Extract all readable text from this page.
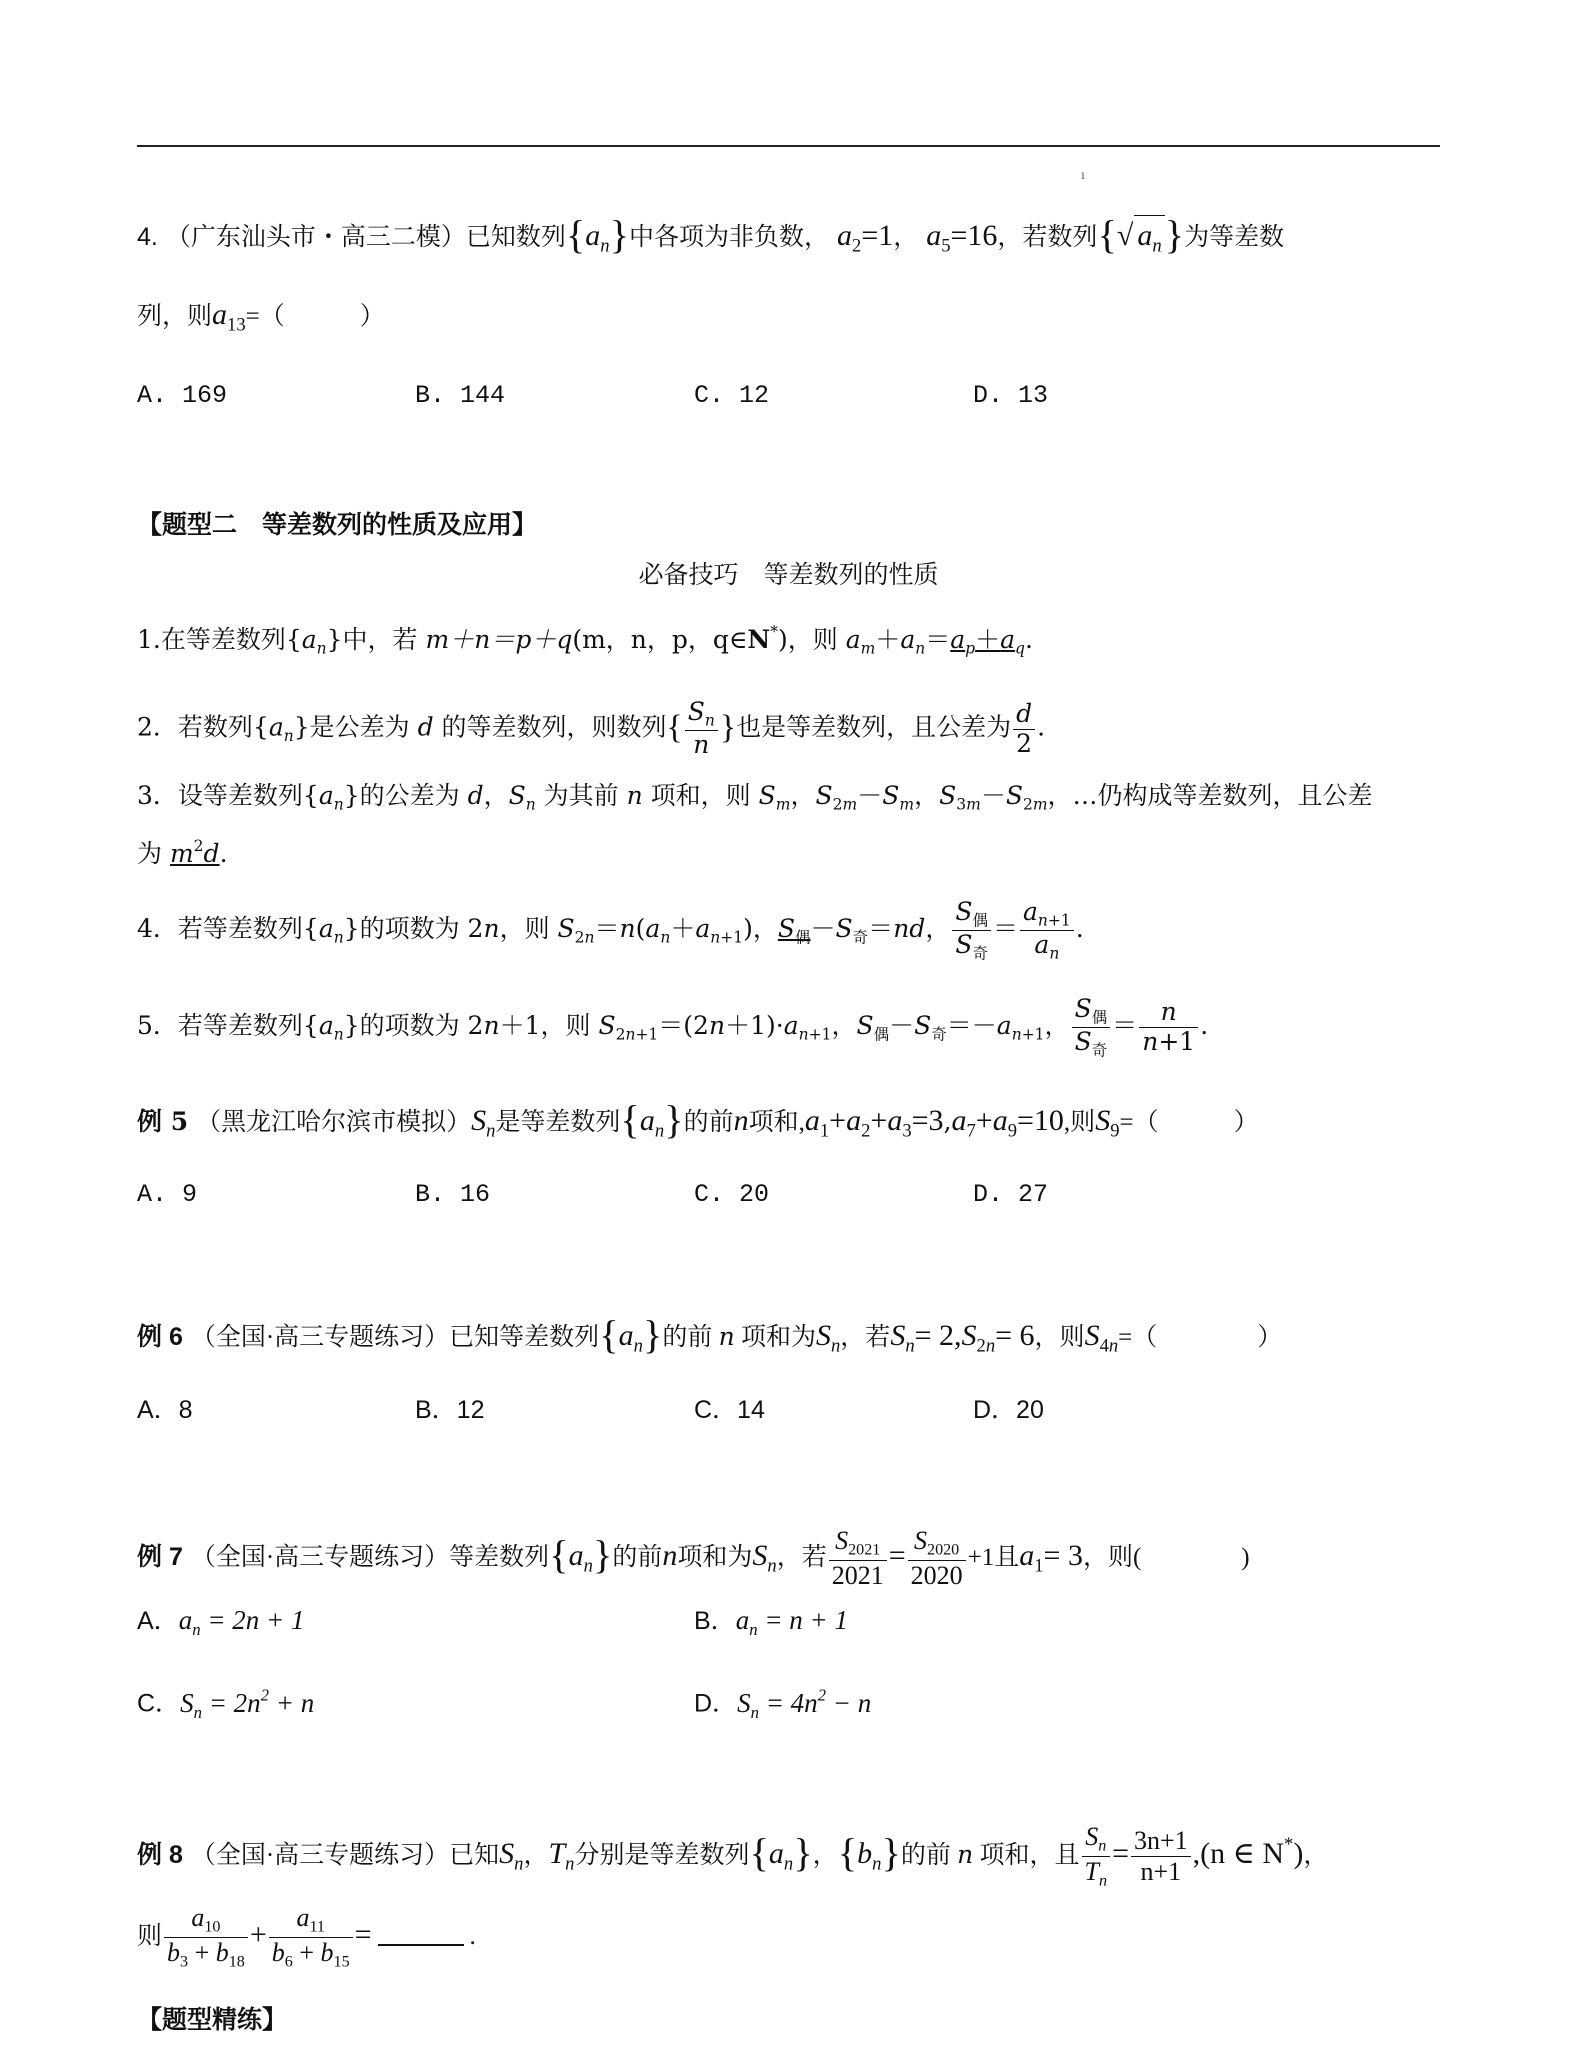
ı
4. （广东汕头市・高三二模）已知数列$\{a_n\}$中各项为非负数， $a_2=1$， $a_5=16$，若数列{√ $a_n$}为等差数
列，则$a_{13}=$（　　　）
A. 169	B. 144	C. 12	D. 13
【题型二　等差数列的性质及应用】
必备技巧　等差数列的性质
1.在等差数列$\{a_n\}$中，若 m＋n＝p＋q(m，n，p，q∈N*)，则 $a_m+a_n=a_p+a_q$.
2．若数列$\{a_n\}$是公差为 d 的等差数列，则数列{ $\frac{S_n}{n}$ }也是等差数列，且公差为 $\frac{d}{2}$ .
3．设等差数列$\{a_n\}$的公差为 d，$S_n$ 为其前 n 项和，则 $S_m$，$S_{2m}-S_m$，$S_{3m}-S_{2m}$，…仍构成等差数列，且公差
为 $m^2d$.
4．若等差数列$\{a_n\}$的项数为 2n，则 $S_{2n}=n(a_n+a_{n+1})$，$S_偶-S_奇=nd$， $\frac{S_偶}{S_奇} = \frac{a_{n+1}}{a_n}$ .
5．若等差数列$\{a_n\}$的项数为 2n＋1，则 $S_{2n+1}=(2n+1)\cdot a_{n+1}$，$S_偶-S_奇=-a_{n+1}$， $\frac{S_偶}{S_奇} = \frac{n}{n+1}$ .
例 5 （黑龙江哈尔滨市模拟）$S_n$是等差数列$\{a_n\}$的前n项和$,a_1+a_2+a_3=3,a_7+a_9=10$,则$S_9=$（　　　）
A. 9	B. 16	C. 20	D. 27
例 6 （全国·高三专题练习）已知等差数列$\{a_n\}$的前 n 项和为$S_n$，若$S_n= 2,S_{2n}= 6$，则$S_{4n}=$（　　　　）
A．8	B．12	C．14	D．20
例 7 （全国·高三专题练习）等差数列$\{a_n\}$的前n项和为$S_n$，若 $\frac{S_{2021}}{2021} = \frac{S_{2020}}{2020} +1$且$a_1= 3$，则(　　　　)
A．$a_n = 2n + 1$	B．$a_n = n + 1$
C．$S_n = 2n^2 + n$	D．$S_n = 4n^2 - n$
例 8 （全国·高三专题练习）已知$S_n$，$T_n$分别是等差数列$\{a_n\}$，$\{b_n\}$的前 n 项和，且 $\frac{S_n}{T_n} = \frac{3n+1}{n+1} ,(n$ ∈ N*)，
则 $\frac{a_{10}}{b_3 + b_{18}} + \frac{a_{11}}{b_6 + b_{15}}$ =	.
【题型精练】
